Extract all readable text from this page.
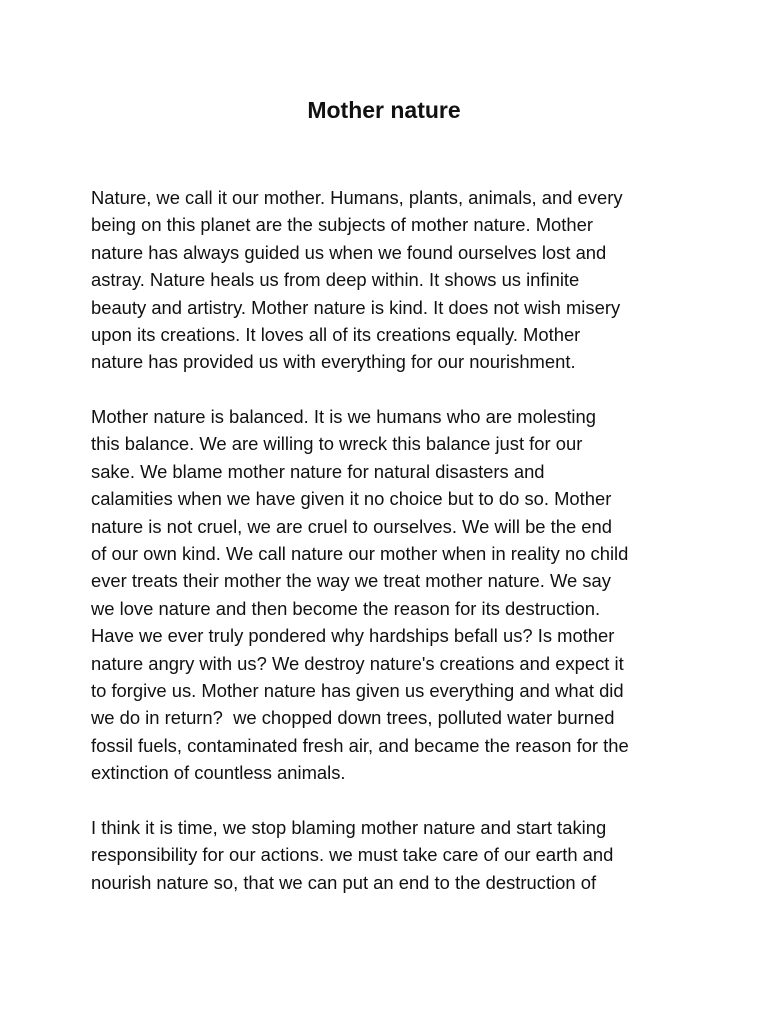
Mother nature
Nature, we call it our mother. Humans, plants, animals, and every
being on this planet are the subjects of mother nature. Mother
nature has always guided us when we found ourselves lost and
astray. Nature heals us from deep within. It shows us infinite
beauty and artistry. Mother nature is kind. It does not wish misery
upon its creations. It loves all of its creations equally. Mother
nature has provided us with everything for our nourishment.
Mother nature is balanced. It is we humans who are molesting
this balance. We are willing to wreck this balance just for our
sake. We blame mother nature for natural disasters and
calamities when we have given it no choice but to do so. Mother
nature is not cruel, we are cruel to ourselves. We will be the end
of our own kind. We call nature our mother when in reality no child
ever treats their mother the way we treat mother nature. We say
we love nature and then become the reason for its destruction.
Have we ever truly pondered why hardships befall us? Is mother
nature angry with us? We destroy nature's creations and expect it
to forgive us. Mother nature has given us everything and what did
we do in return?  we chopped down trees, polluted water burned
fossil fuels, contaminated fresh air, and became the reason for the
extinction of countless animals.
I think it is time, we stop blaming mother nature and start taking
responsibility for our actions. we must take care of our earth and
nourish nature so, that we can put an end to the destruction of
